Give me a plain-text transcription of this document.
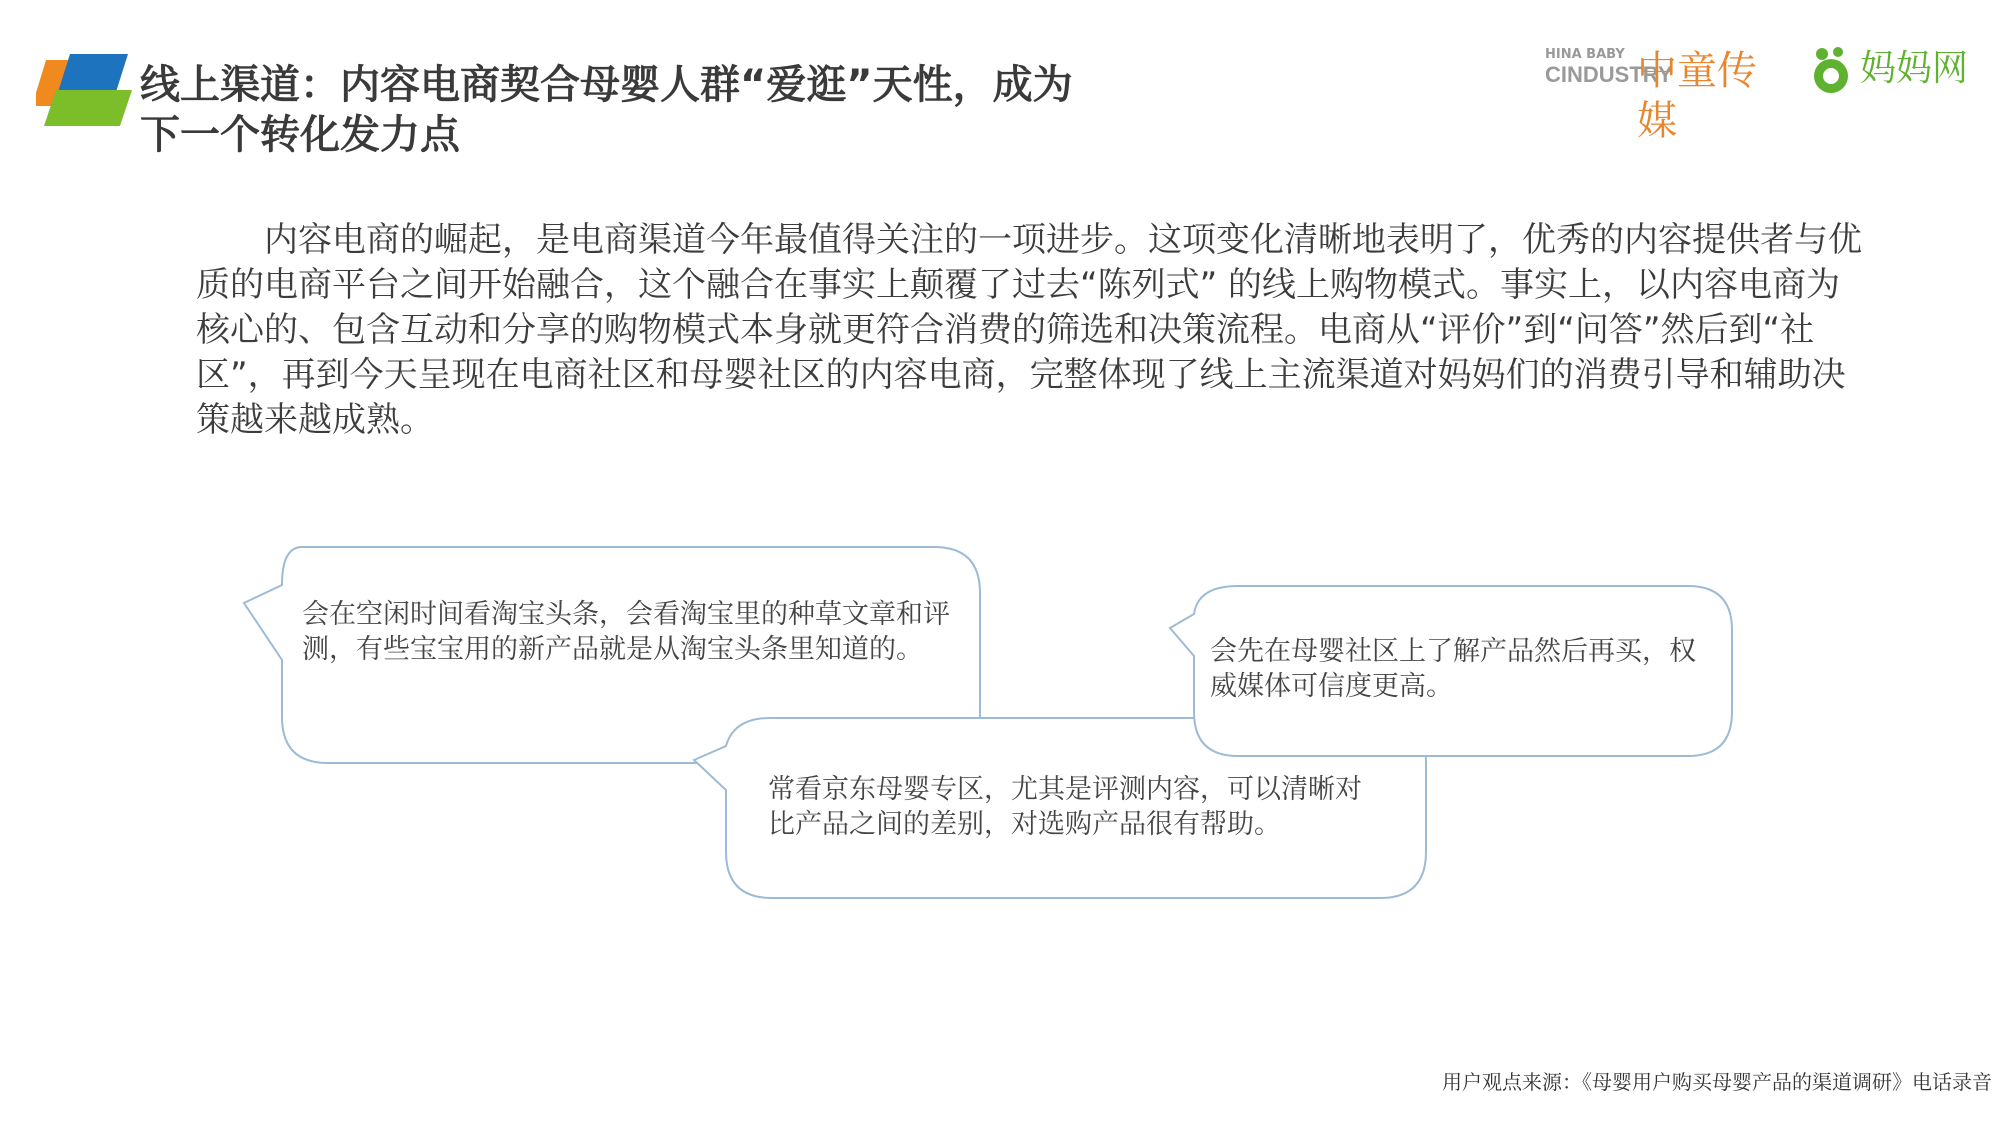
线上渠道：内容电商契合母婴人群“爱逛”天性，成为
下一个转化发力点
HINA BABY
CINDUSTRY
中童传媒
妈妈网

内容电商的崛起，是电商渠道今年最值得关注的一项进步。这项变化清晰地表明了，优秀的内容提供者与优质的电商平台之间开始融合，这个融合在事实上颠覆了过去“陈列式” 的线上购物模式。事实上，以内容电商为核心的、包含互动和分享的购物模式本身就更符合消费的筛选和决策流程。电商从“评价”到“问答”然后到“社区”，再到今天呈现在电商社区和母婴社区的内容电商，完整体现了线上主流渠道对妈妈们的消费引导和辅助决策越来越成熟。

会在空闲时间看淘宝头条，会看淘宝里的种草文章和评测，有些宝宝用的新产品就是从淘宝头条里知道的。
常看京东母婴专区，尤其是评测内容，可以清晰对比产品之间的差别，对选购产品很有帮助。
会先在母婴社区上了解产品然后再买，权威媒体可信度更高。
用户观点来源：《母婴用户购买母婴产品的渠道调研》电话录音
